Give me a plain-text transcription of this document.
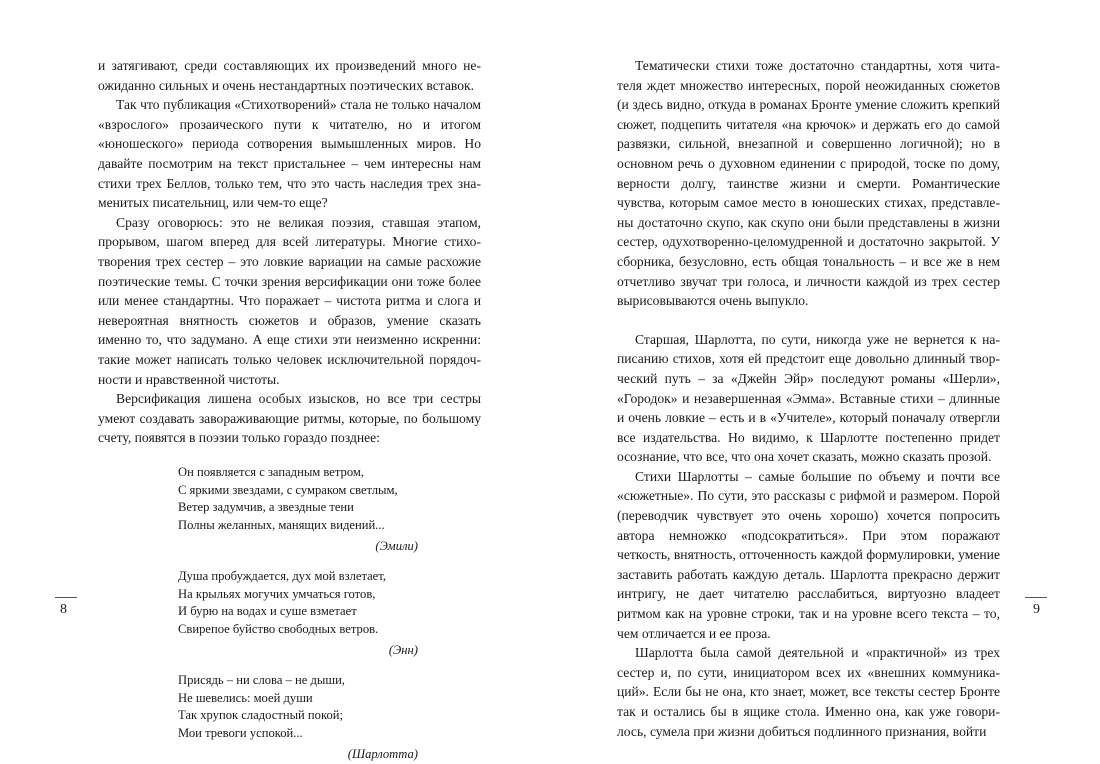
и затягивают, среди составляющих их произведений много неожиданно сильных и очень нестандартных поэтических вставок.

Так что публикация «Стихотворений» стала не только началом «взрослого» прозаического пути к читателю, но и итогом «юношеского» периода сотворения вымышленных миров. Но давайте посмотрим на текст пристальнее – чем интересны нам стихи трех Беллов, только тем, что это часть наследия трех знаменитых писательниц, или чем-то еще?

Сразу оговорюсь: это не великая поэзия, ставшая этапом, прорывом, шагом вперед для всей литературы. Многие стихотворения трех сестер – это ловкие вариации на самые расхожие поэтические темы. С точки зрения версификации они тоже более или менее стандартны. Что поражает – чистота ритма и слога и невероятная внятность сюжетов и образов, умение сказать именно то, что задумано. А еще стихи эти неизменно искренни: такие может написать только человек исключительной порядочности и нравственной чистоты.

Версификация лишена особых изысков, но все три сестры умеют создавать завораживающие ритмы, которые, по большому счету, появятся в поэзии только гораздо позднее:

Он появляется с западным ветром,
С яркими звездами, с сумраком светлым,
Ветер задумчив, а звездные тени
Полны желанных, манящих видений...
(Эмили)
Душа пробуждается, дух мой взлетает,
На крыльях могучих умчаться готов,
И бурю на водах и суше взметает
Свирепое буйство свободных ветров.
(Энн)
Присядь – ни слова – не дыши,
Не шевелись: моей души
Так хрупок сладостный покой;
Мои тревоги успокой...
(Шарлотта)
8

Тематически стихи тоже достаточно стандартны, хотя читателя ждет множество интересных, порой неожиданных сюжетов (и здесь видно, откуда в романах Бронте умение сложить крепкий сюжет, подцепить читателя «на крючок» и держать его до самой развязки, сильной, внезапной и совершенно логичной); но в основном речь о духовном единении с природой, тоске по дому, верности долгу, таинстве жизни и смерти. Романтические чувства, которым самое место в юношеских стихах, представлены достаточно скупо, как скупо они были представлены в жизни сестер, одухотворенно-целомудренной и достаточно закрытой. У сборника, безусловно, есть общая тональность – и все же в нем отчетливо звучат три голоса, и личности каждой из трех сестер вырисовываются очень выпукло.

Старшая, Шарлотта, по сути, никогда уже не вернется к написанию стихов, хотя ей предстоит еще довольно длинный творческий путь – за «Джейн Эйр» последуют романы «Шерли», «Городок» и незавершенная «Эмма». Вставные стихи – длинные и очень ловкие – есть и в «Учителе», который поначалу отвергли все издательства. Но видимо, к Шарлотте постепенно придет осознание, что все, что она хочет сказать, можно сказать прозой.

Стихи Шарлотты – самые большие по объему и почти все «сюжетные». По сути, это рассказы с рифмой и размером. Порой (переводчик чувствует это очень хорошо) хочется попросить автора немножко «подсократиться». При этом поражают четкость, внятность, отточенность каждой формулировки, умение заставить работать каждую деталь. Шарлотта прекрасно держит интригу, не дает читателю расслабиться, виртуозно владеет ритмом как на уровне строки, так и на уровне всего текста – то, чем отличается и ее проза.

Шарлотта была самой деятельной и «практичной» из трех сестер и, по сути, инициатором всех их «внешних коммуникаций». Если бы не она, кто знает, может, все тексты сестер Бронте так и остались бы в ящике стола. Именно она, как уже говорилось, сумела при жизни добиться подлинного признания, войти

9
